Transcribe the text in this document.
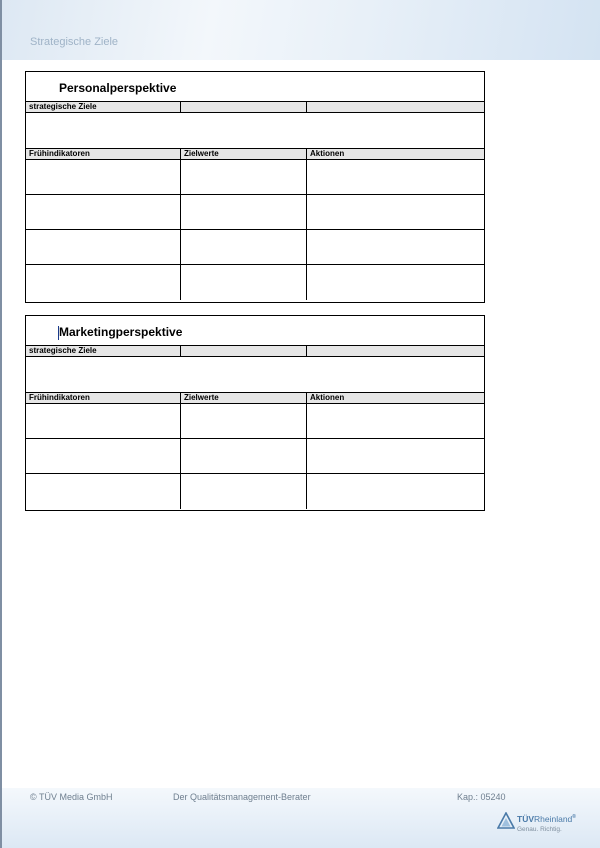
Strategische Ziele
Personalperspektive
strategische Ziele
Frühindikatoren	Zielwerte	Aktionen
Marketingperspektive
strategische Ziele
Frühindikatoren	Zielwerte	Aktionen
© TÜV Media GmbH	Der Qualitätsmanagement-Berater	Kap.: 05240
TÜVRheinland®
Genau. Richtig.
